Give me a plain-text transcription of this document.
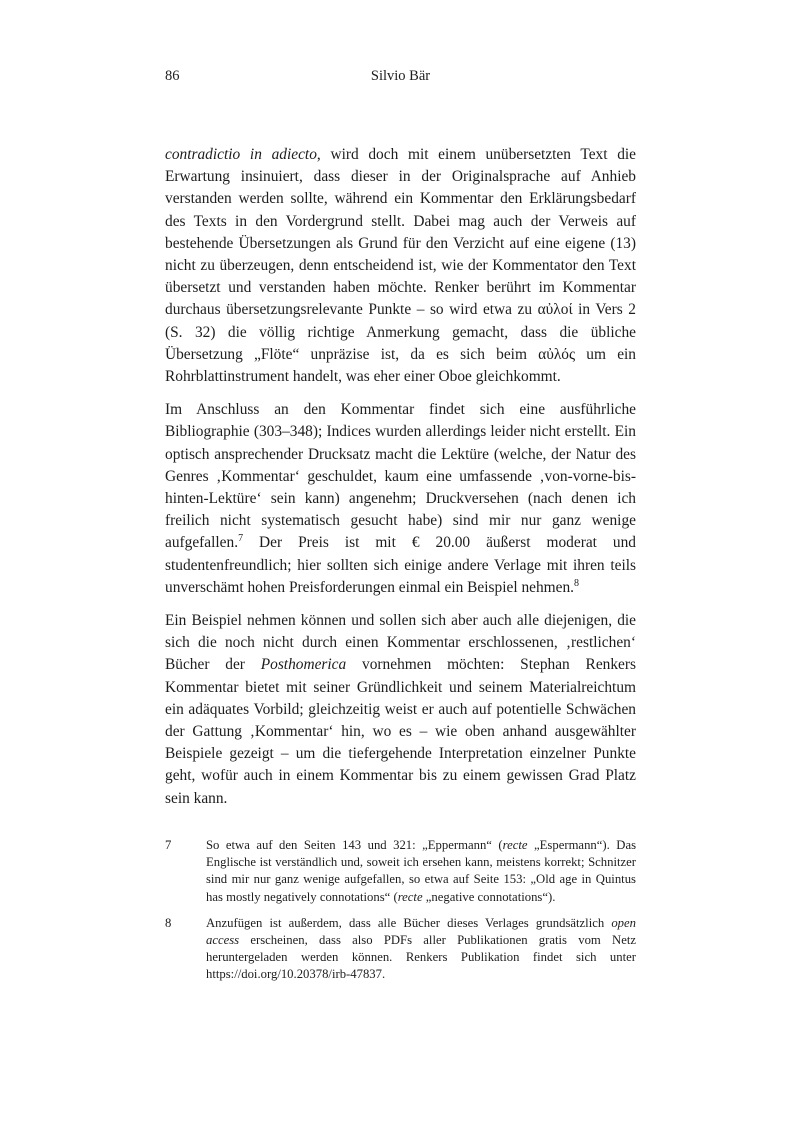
86	Silvio Bär

contradictio in adiecto, wird doch mit einem unübersetzten Text die Erwartung insinuiert, dass dieser in der Originalsprache auf Anhieb verstanden werden sollte, während ein Kommentar den Erklärungsbedarf des Texts in den Vordergrund stellt. Dabei mag auch der Verweis auf bestehende Übersetzungen als Grund für den Verzicht auf eine eigene (13) nicht zu überzeugen, denn entscheidend ist, wie der Kommentator den Text übersetzt und verstanden haben möchte. Renker berührt im Kommentar durchaus übersetzungsrelevante Punkte – so wird etwa zu αὐλοί in Vers 2 (S. 32) die völlig richtige Anmerkung gemacht, dass die übliche Übersetzung „Flöte“ unpräzise ist, da es sich beim αὐλός um ein Rohrblattinstrument handelt, was eher einer Oboe gleichkommt.

Im Anschluss an den Kommentar findet sich eine ausführliche Bibliographie (303–348); Indices wurden allerdings leider nicht erstellt. Ein optisch ansprechender Drucksatz macht die Lektüre (welche, der Natur des Genres ‚Kommentar‘ geschuldet, kaum eine umfassende ‚von-vorne-bis-hinten-Lektüre‘ sein kann) angenehm; Druckversehen (nach denen ich freilich nicht systematisch gesucht habe) sind mir nur ganz wenige aufgefallen.$^7$ Der Preis ist mit € 20.00 äußerst moderat und studentenfreundlich; hier sollten sich einige andere Verlage mit ihren teils unverschämt hohen Preisforderungen einmal ein Beispiel nehmen.$^8$

Ein Beispiel nehmen können und sollen sich aber auch alle diejenigen, die sich die noch nicht durch einen Kommentar erschlossenen, ‚restlichen‘ Bücher der Posthomerica vornehmen möchten: Stephan Renkers Kommentar bietet mit seiner Gründlichkeit und seinem Materialreichtum ein adäquates Vorbild; gleichzeitig weist er auch auf potentielle Schwächen der Gattung ‚Kommentar‘ hin, wo es – wie oben anhand ausgewählter Beispiele gezeigt – um die tiefergehende Interpretation einzelner Punkte geht, wofür auch in einem Kommentar bis zu einem gewissen Grad Platz sein kann.

7	So etwa auf den Seiten 143 und 321: „Eppermann“ (recte „Espermann“). Das Englische ist verständlich und, soweit ich ersehen kann, meistens korrekt; Schnitzer sind mir nur ganz wenige aufgefallen, so etwa auf Seite 153: „Old age in Quintus has mostly negatively connotations“ (recte „negative connotations“).
8	Anzufügen ist außerdem, dass alle Bücher dieses Verlages grundsätzlich open access erscheinen, dass also PDFs aller Publikationen gratis vom Netz heruntergeladen werden können. Renkers Publikation findet sich unter https://doi.org/10.20378/irb-47837.
